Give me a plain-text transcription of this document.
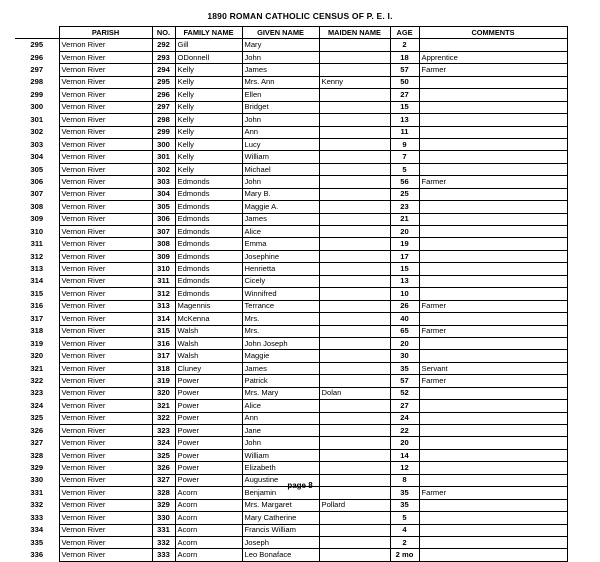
1890 ROMAN CATHOLIC CENSUS OF P. E. I.
	PARISH	NO.	FAMILY NAME	GIVEN NAME	MAIDEN NAME	AGE	COMMENTS
295	Vernon River	292	Gill	Mary		2	
296	Vernon River	293	ODonnell	John		18	Apprentice
297	Vernon River	294	Kelly	James		57	Farmer
298	Vernon River	295	Kelly	Mrs. Ann	Kenny	50	
299	Vernon River	296	Kelly	Ellen		27	
300	Vernon River	297	Kelly	Bridget		15	
301	Vernon River	298	Kelly	John		13	
302	Vernon River	299	Kelly	Ann		11	
303	Vernon River	300	Kelly	Lucy		9	
304	Vernon River	301	Kelly	William		7	
305	Vernon River	302	Kelly	Michael		5	
306	Vernon River	303	Edmonds	John		56	Farmer
307	Vernon River	304	Edmonds	Mary B.		25	
308	Vernon River	305	Edmonds	Maggie A.		23	
309	Vernon River	306	Edmonds	James		21	
310	Vernon River	307	Edmonds	Alice		20	
311	Vernon River	308	Edmonds	Emma		19	
312	Vernon River	309	Edmonds	Josephine		17	
313	Vernon River	310	Edmonds	Henrietta		15	
314	Vernon River	311	Edmonds	Cicely		13	
315	Vernon River	312	Edmonds	Winnifred		10	
316	Vernon River	313	Magennis	Terrance		26	Farmer
317	Vernon River	314	McKenna	Mrs.		40	
318	Vernon River	315	Walsh	Mrs.		65	Farmer
319	Vernon River	316	Walsh	John Joseph		20	
320	Vernon River	317	Walsh	Maggie		30	
321	Vernon River	318	Cluney	James		35	Servant
322	Vernon River	319	Power	Patrick		57	Farmer
323	Vernon River	320	Power	Mrs. Mary	Dolan	52	
324	Vernon River	321	Power	Alice		27	
325	Vernon River	322	Power	Ann		24	
326	Vernon River	323	Power	Jane		22	
327	Vernon River	324	Power	John		20	
328	Vernon River	325	Power	William		14	
329	Vernon River	326	Power	Elizabeth		12	
330	Vernon River	327	Power	Augustine		8	
331	Vernon River	328	Acorn	Benjamin		35	Farmer
332	Vernon River	329	Acorn	Mrs. Margaret	Pollard	35	
333	Vernon River	330	Acorn	Mary Catherine		5	
334	Vernon River	331	Acorn	Francis William		4	
335	Vernon River	332	Acorn	Joseph		2	
336	Vernon River	333	Acorn	Leo Bonaface		2 mo	
page 8
